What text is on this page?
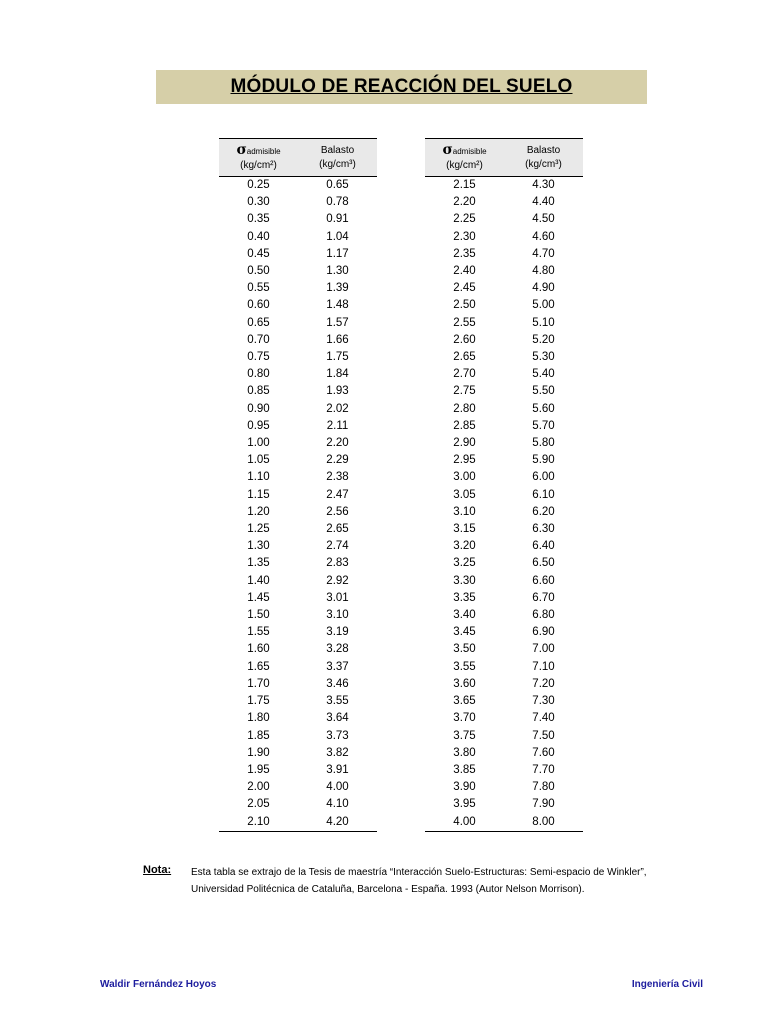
MÓDULO DE REACCIÓN DEL SUELO
σadmisible
(kg/cm²)	Balasto
(kg/cm³)
0.25	0.65
0.30	0.78
0.35	0.91
0.40	1.04
0.45	1.17
0.50	1.30
0.55	1.39
0.60	1.48
0.65	1.57
0.70	1.66
0.75	1.75
0.80	1.84
0.85	1.93
0.90	2.02
0.95	2.11
1.00	2.20
1.05	2.29
1.10	2.38
1.15	2.47
1.20	2.56
1.25	2.65
1.30	2.74
1.35	2.83
1.40	2.92
1.45	3.01
1.50	3.10
1.55	3.19
1.60	3.28
1.65	3.37
1.70	3.46
1.75	3.55
1.80	3.64
1.85	3.73
1.90	3.82
1.95	3.91
2.00	4.00
2.05	4.10
2.10	4.20
σadmisible
(kg/cm²)	Balasto
(kg/cm³)
2.15	4.30
2.20	4.40
2.25	4.50
2.30	4.60
2.35	4.70
2.40	4.80
2.45	4.90
2.50	5.00
2.55	5.10
2.60	5.20
2.65	5.30
2.70	5.40
2.75	5.50
2.80	5.60
2.85	5.70
2.90	5.80
2.95	5.90
3.00	6.00
3.05	6.10
3.10	6.20
3.15	6.30
3.20	6.40
3.25	6.50
3.30	6.60
3.35	6.70
3.40	6.80
3.45	6.90
3.50	7.00
3.55	7.10
3.60	7.20
3.65	7.30
3.70	7.40
3.75	7.50
3.80	7.60
3.85	7.70
3.90	7.80
3.95	7.90
4.00	8.00
Nota: Esta tabla se extrajo de la Tesis de maestría “Interacción Suelo-Estructuras: Semi-espacio de Winkler”,
Universidad Politécnica de Cataluña, Barcelona - España. 1993 (Autor Nelson Morrison).
Waldir Fernández Hoyos	Ingeniería Civil
